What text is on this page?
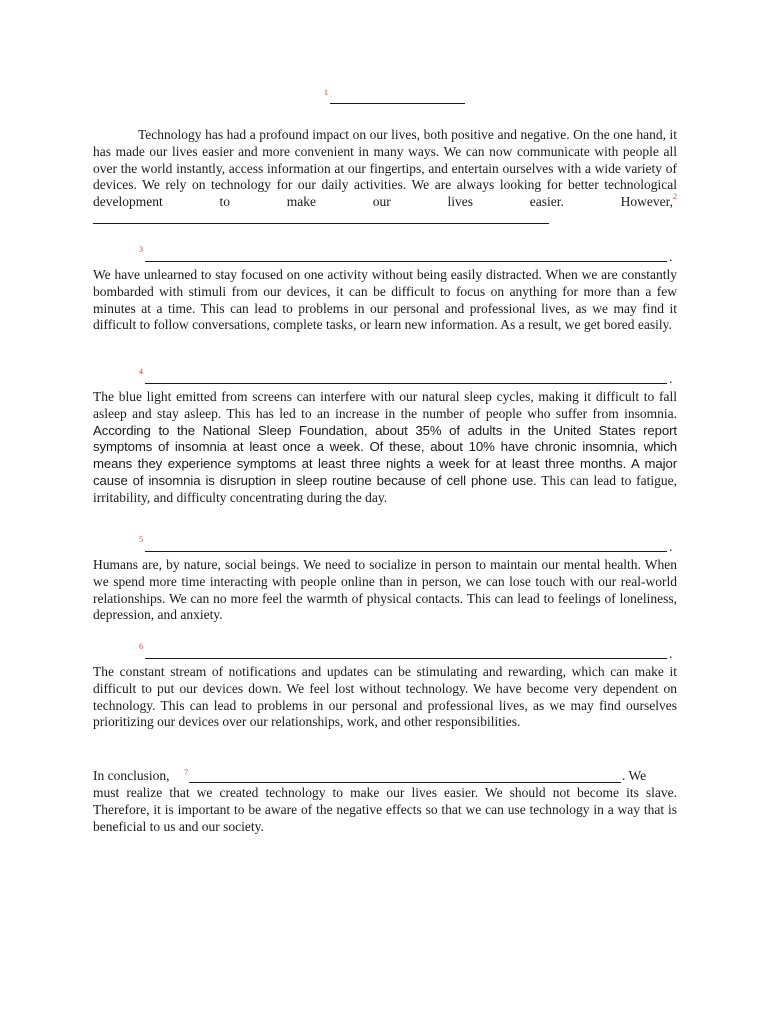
1
Technology has had a profound impact on our lives, both positive and negative. On the one hand, it has made our lives easier and more convenient in many ways. We can now communicate with people all over the world instantly, access information at our fingertips, and entertain ourselves with a wide variety of devices. We rely on technology for our daily activities. We are always looking for better technological development to make our lives easier. However,$^2$
3	.
We have unlearned to stay focused on one activity without being easily distracted. When we are constantly bombarded with stimuli from our devices, it can be difficult to focus on anything for more than a few minutes at a time. This can lead to problems in our personal and professional lives, as we may find it difficult to follow conversations, complete tasks, or learn new information. As a result, we get bored easily.
4	.
The blue light emitted from screens can interfere with our natural sleep cycles, making it difficult to fall asleep and stay asleep. This has led to an increase in the number of people who suffer from insomnia. According to the National Sleep Foundation, about 35% of adults in the United States report symptoms of insomnia at least once a week. Of these, about 10% have chronic insomnia, which means they experience symptoms at least three nights a week for at least three months. A major cause of insomnia is disruption in sleep routine because of cell phone use. This can lead to fatigue, irritability, and difficulty concentrating during the day.
5	.
Humans are, by nature, social beings. We need to socialize in person to maintain our mental health. When we spend more time interacting with people online than in person, we can lose touch with our real-world relationships. We can no more feel the warmth of physical contacts. This can lead to feelings of loneliness, depression, and anxiety.
6	.
The constant stream of notifications and updates can be stimulating and rewarding, which can make it difficult to put our devices down. We feel lost without technology. We have become very dependent on technology. This can lead to problems in our personal and professional lives, as we may find ourselves prioritizing our devices over our relationships, work, and other responsibilities.
In conclusion, 7	. We
must realize that we created technology to make our lives easier. We should not become its slave. Therefore, it is important to be aware of the negative effects so that we can use technology in a way that is beneficial to us and our society.
